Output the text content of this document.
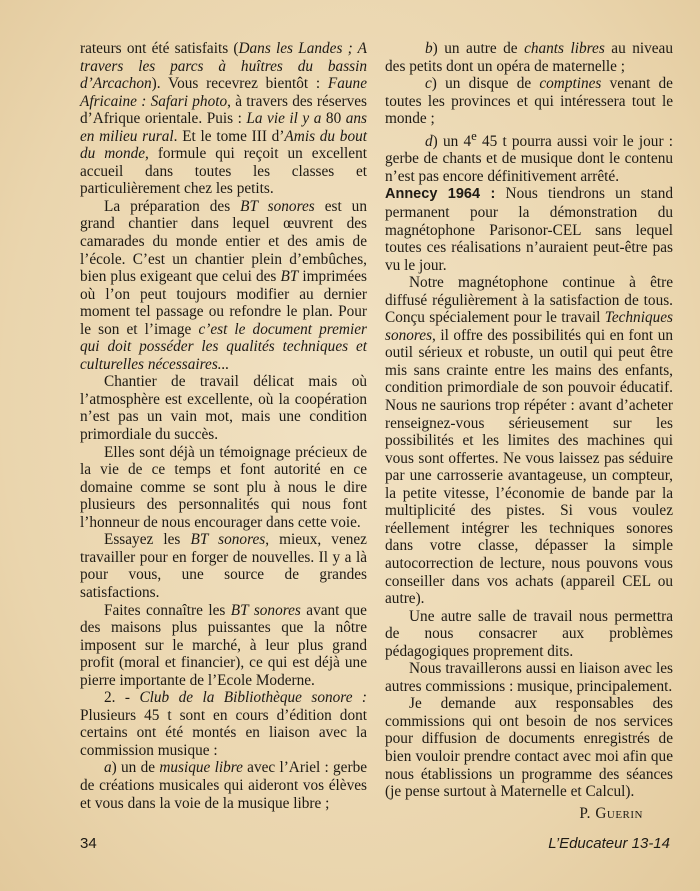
rateurs ont été satisfaits (Dans les Landes ; A travers les parcs à huîtres du bassin d’Arcachon). Vous recevrez bientôt : Faune Africaine : Safari photo, à travers des réserves d’Afrique orientale. Puis : La vie il y a 80 ans en milieu rural. Et le tome III d’Amis du bout du monde, formule qui reçoit un excellent accueil dans toutes les classes et particulièrement chez les petits.

La préparation des BT sonores est un grand chantier dans lequel œuvrent des camarades du monde entier et des amis de l’école. C’est un chantier plein d’embûches, bien plus exigeant que celui des BT imprimées où l’on peut toujours modifier au dernier moment tel passage ou refondre le plan. Pour le son et l’image c’est le document premier qui doit posséder les qualités techniques et culturelles nécessaires...

Chantier de travail délicat mais où l’atmosphère est excellente, où la coopération n’est pas un vain mot, mais une condition primordiale du succès.

Elles sont déjà un témoignage précieux de la vie de ce temps et font autorité en ce domaine comme se sont plu à nous le dire plusieurs des personnalités qui nous font l’honneur de nous encourager dans cette voie.

Essayez les BT sonores, mieux, venez travailler pour en forger de nouvelles. Il y a là pour vous, une source de grandes satisfactions.

Faites connaître les BT sonores avant que des maisons plus puissantes que la nôtre imposent sur le marché, à leur plus grand profit (moral et financier), ce qui est déjà une pierre importante de l’Ecole Moderne.

2. - Club de la Bibliothèque sonore : Plusieurs 45 t sont en cours d’édition dont certains ont été montés en liaison avec la commission musique :

a) un de musique libre avec l’Ariel : gerbe de créations musicales qui aideront vos élèves et vous dans la voie de la musique libre ;

b) un autre de chants libres au niveau des petits dont un opéra de maternelle ;

c) un disque de comptines venant de toutes les provinces et qui intéressera tout le monde ;

d) un 4e 45 t pourra aussi voir le jour : gerbe de chants et de musique dont le contenu n’est pas encore définitivement arrêté.

Annecy 1964 : Nous tiendrons un stand permanent pour la démonstration du magnétophone Parisonor-CEL sans lequel toutes ces réalisations n’auraient peut-être pas vu le jour.

Notre magnétophone continue à être diffusé régulièrement à la satisfaction de tous. Conçu spécialement pour le travail Techniques sonores, il offre des possibilités qui en font un outil sérieux et robuste, un outil qui peut être mis sans crainte entre les mains des enfants, condition primordiale de son pouvoir éducatif. Nous ne saurions trop répéter : avant d’acheter renseignez-vous sérieusement sur les possibilités et les limites des machines qui vous sont offertes. Ne vous laissez pas séduire par une carrosserie avantageuse, un compteur, la petite vitesse, l’économie de bande par la multiplicité des pistes. Si vous voulez réellement intégrer les techniques sonores dans votre classe, dépasser la simple autocorrection de lecture, nous pouvons vous conseiller dans vos achats (appareil CEL ou autre).

Une autre salle de travail nous permettra de nous consacrer aux problèmes pédagogiques proprement dits.

Nous travaillerons aussi en liaison avec les autres commissions : musique, principalement.

Je demande aux responsables des commissions qui ont besoin de nos services pour diffusion de documents enregistrés de bien vouloir prendre contact avec moi afin que nous établissions un programme des séances (je pense surtout à Maternelle et Calcul).

P. Guerin

34	L’Educateur 13-14
